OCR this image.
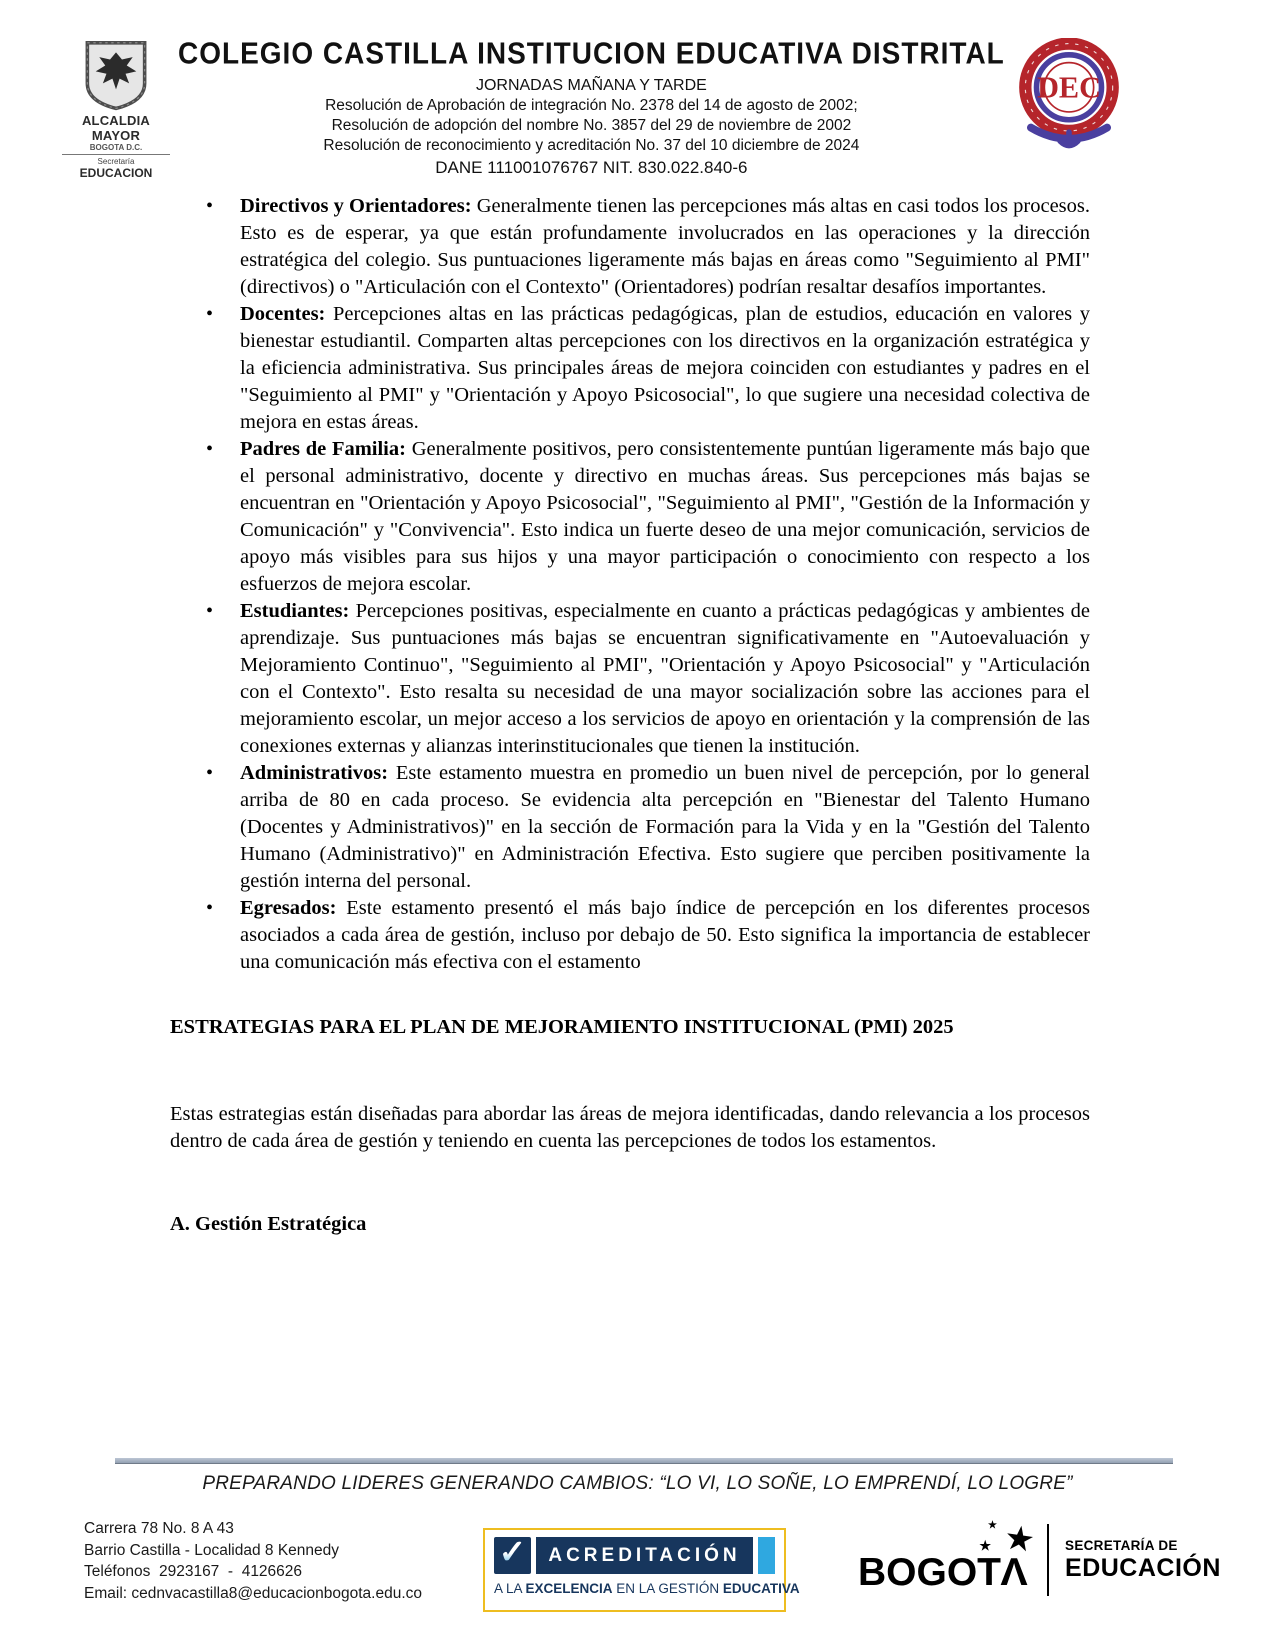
ALCALDIA MAYOR
BOGOTA D.C.
Secretaría
EDUCACION
COLEGIO CASTILLA INSTITUCION EDUCATIVA DISTRITAL
JORNADAS MAÑANA Y TARDE
Resolución de Aprobación de integración No. 2378 del 14 de agosto de 2002;
Resolución de adopción del nombre No. 3857 del 29 de noviembre de 2002
Resolución de reconocimiento y acreditación No. 37 del 10 diciembre de 2024
DANE 111001076767 NIT. 830.022.840-6
DEC
• Directivos y Orientadores: Generalmente tienen las percepciones más altas en casi todos los procesos. Esto es de esperar, ya que están profundamente involucrados en las operaciones y la dirección estratégica del colegio. Sus puntuaciones ligeramente más bajas en áreas como "Seguimiento al PMI" (directivos) o "Articulación con el Contexto" (Orientadores) podrían resaltar desafíos importantes.
• Docentes: Percepciones altas en las prácticas pedagógicas, plan de estudios, educación en valores y bienestar estudiantil. Comparten altas percepciones con los directivos en la organización estratégica y la eficiencia administrativa. Sus principales áreas de mejora coinciden con estudiantes y padres en el "Seguimiento al PMI" y "Orientación y Apoyo Psicosocial", lo que sugiere una necesidad colectiva de mejora en estas áreas.
• Padres de Familia: Generalmente positivos, pero consistentemente puntúan ligeramente más bajo que el personal administrativo, docente y directivo en muchas áreas. Sus percepciones más bajas se encuentran en "Orientación y Apoyo Psicosocial", "Seguimiento al PMI", "Gestión de la Información y Comunicación" y "Convivencia". Esto indica un fuerte deseo de una mejor comunicación, servicios de apoyo más visibles para sus hijos y una mayor participación o conocimiento con respecto a los esfuerzos de mejora escolar.
• Estudiantes: Percepciones positivas, especialmente en cuanto a prácticas pedagógicas y ambientes de aprendizaje. Sus puntuaciones más bajas se encuentran significativamente en "Autoevaluación y Mejoramiento Continuo", "Seguimiento al PMI", "Orientación y Apoyo Psicosocial" y "Articulación con el Contexto". Esto resalta su necesidad de una mayor socialización sobre las acciones para el mejoramiento escolar, un mejor acceso a los servicios de apoyo en orientación y la comprensión de las conexiones externas y alianzas interinstitucionales que tienen la institución.
• Administrativos: Este estamento muestra en promedio un buen nivel de percepción, por lo general arriba de 80 en cada proceso. Se evidencia alta percepción en "Bienestar del Talento Humano (Docentes y Administrativos)" en la sección de Formación para la Vida y en la "Gestión del Talento Humano (Administrativo)" en Administración Efectiva. Esto sugiere que perciben positivamente la gestión interna del personal.
• Egresados: Este estamento presentó el más bajo índice de percepción en los diferentes procesos asociados a cada área de gestión, incluso por debajo de 50. Esto significa la importancia de establecer una comunicación más efectiva con el estamento
ESTRATEGIAS PARA EL PLAN DE MEJORAMIENTO INSTITUCIONAL (PMI) 2025
Estas estrategias están diseñadas para abordar las áreas de mejora identificadas, dando relevancia a los procesos dentro de cada área de gestión y teniendo en cuenta las percepciones de todos los estamentos.
A. Gestión Estratégica
PREPARANDO LIDERES GENERANDO CAMBIOS: “LO VI, LO SOÑE, LO EMPRENDÍ, LO LOGRE”
Carrera 78 No. 8 A 43
Barrio Castilla - Localidad 8 Kennedy
Teléfonos  2923167  -  4126626
Email: cednvacastilla8@educacionbogota.edu.co
✓	ACREDITACIÓN
A LA EXCELENCIA EN LA GESTIÓN EDUCATIVA BOGOTΛ
★
★
★
SECRETARÍA DE
EDUCACIÓN
